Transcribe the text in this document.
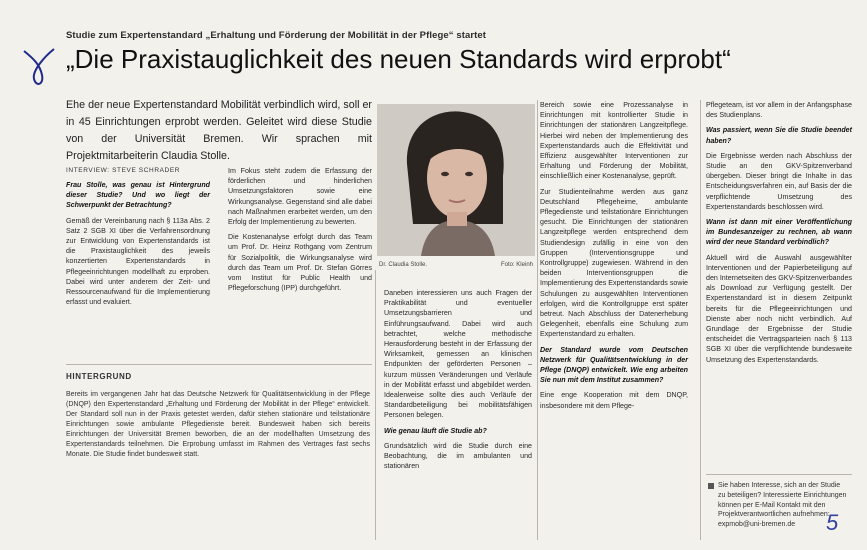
Studie zum Expertenstandard „Erhaltung und Förderung der Mobilität in der Pflege“ startet
„Die Praxistauglichkeit des neuen Standards wird erprobt“
Ehe der neue Expertenstandard Mobilität verbindlich wird, soll er in 45 Einrichtungen erprobt werden. Geleitet wird diese Studie von der Universität Bremen. Wir sprachen mit Projektmitarbeiterin Claudia Stolle.
INTERVIEW: STEVE SCHRADER

Frau Stolle, was genau ist Hintergrund dieser Studie? Und wo liegt der Schwerpunkt der Betrachtung?

Gemäß der Vereinbarung nach § 113a Abs. 2 Satz 2 SGB XI über die Verfahrensordnung zur Entwicklung von Expertenstandards ist die Praxistauglichkeit des jeweils konzertierten Expertenstandards in Pflegeeinrichtungen modellhaft zu erproben. Dabei wird unter anderem der Zeit- und Ressourcenaufwand für die Implementierung erfasst und evaluiert.

Im Fokus steht zudem die Erfassung der förderlichen und hinderlichen Umsetzungsfaktoren sowie eine Wirkungsanalyse. Gegenstand sind alle dabei nach Maßnahmen erarbeitet werden, um den Erfolg der Implementierung zu bewerten.

Die Kostenanalyse erfolgt durch das Team um Prof. Dr. Heinz Rothgang vom Zentrum für Sozialpolitik, die Wirkungsanalyse wird durch das Team um Prof. Dr. Stefan Görres vom Institut für Public Health und Pflegeforschung (IPP) durchgeführt.

Dr. Claudia Stolle.	Foto: Kleinh

Daneben interessieren uns auch Fragen der Praktikabilität und eventueller Umsetzungsbarrieren und Einführungsaufwand. Dabei wird auch betrachtet, welche methodische Herausforderung besteht in der Erfassung der Wirksamkeit, gemessen an klinischen Endpunkten der geförderten Personen – kurzum müssen Veränderungen und Verläufe in der Mobilität erfasst und abgebildet werden. Idealerweise sollte dies auch Verläufe der Standardbeteiligung bei mobilitätsfähigen Personen belegen.

Wie genau läuft die Studie ab?

Grundsätzlich wird die Studie durch eine Beobachtung, die im ambulanten und stationären

Bereich sowie eine Prozessanalyse in Einrichtungen mit kontrollierter Studie in Einrichtungen der stationären Langzeitpflege. Hierbei wird neben der Implementierung des Expertenstandards auch die Effektivität und Effizienz ausgewählter Interventionen zur Erhaltung und Förderung der Mobilität, einschließlich einer Kostenanalyse, geprüft.

Zur Studienteilnahme werden aus ganz Deutschland Pflegeheime, ambulante Pflegedienste und teilstationäre Einrichtungen gesucht. Die Einrichtungen der stationären Langzeitpflege werden entsprechend dem Studiendesign zufällig in eine von den Gruppen (Interventionsgruppe und Kontrollgruppe) zugewiesen. Während in den beiden Interventionsgruppen die Implementierung des Expertenstandards sowie Schulungen zu ausgewählten Interventionen erfolgen, wird die Kontrollgruppe erst später betreut. Nach Abschluss der Datenerhebung Gelegenheit, ebenfalls eine Schulung zum Expertenstandard zu erhalten.

Der Standard wurde vom Deutschen Netzwerk für Qualitätsentwicklung in der Pflege (DNQP) entwickelt. Wie eng arbeiten Sie nun mit dem Institut zusammen?

Eine enge Kooperation mit dem DNQP, insbesondere mit dem Pflege-

Pflegeteam, ist vor allem in der Anfangsphase des Studienplans.

Was passiert, wenn Sie die Studie beendet haben?

Die Ergebnisse werden nach Abschluss der Studie an den GKV-Spitzenverband übergeben. Dieser bringt die Inhalte in das Entscheidungsverfahren ein, auf Basis der die verpflichtende Umsetzung des Expertenstandards beschlossen wird.

Wann ist dann mit einer Veröffentlichung im Bundesanzeiger zu rechnen, ab wann wird der neue Standard verbindlich?

Aktuell wird die Auswahl ausgewählter Interventionen und der Papierbeteiligung auf den Internetseiten des GKV-Spitzenverbandes als Download zur Verfügung gestellt. Der Expertenstandard ist in diesem Zeitpunkt bereits für die Pflegeeinrichtungen und Dienste aber noch nicht verbindlich. Auf Grundlage der Ergebnisse der Studie entscheidet die Vertragsparteien nach § 113 SGB XI über die verpflichtende bundesweite Umsetzung des Expertenstandards.

HINTERGRUND
Bereits im vergangenen Jahr hat das Deutsche Netzwerk für Qualitätsentwicklung in der Pflege (DNQP) den Expertenstandard „Erhaltung und Förderung der Mobilität in der Pflege“ entwickelt. Der Standard soll nun in der Praxis getestet werden, dafür stehen stationäre und teilstationäre Einrichtungen sowie ambulante Pflegedienste bereit. Bundesweit haben sich bereits Einrichtungen der Universität Bremen beworben, die an der modellhaften Umsetzung des Expertenstandards teilnehmen. Die Erprobung umfasst im Rahmen des Vertrages fast sechs Monate. Die Studie findet bundesweit statt.
Sie haben Interesse, sich an der Studie zu beteiligen? Interessierte Einrichtungen können per E-Mail Kontakt mit den Projektverantwortlichen aufnehmen: expmob@uni-bremen.de	5
